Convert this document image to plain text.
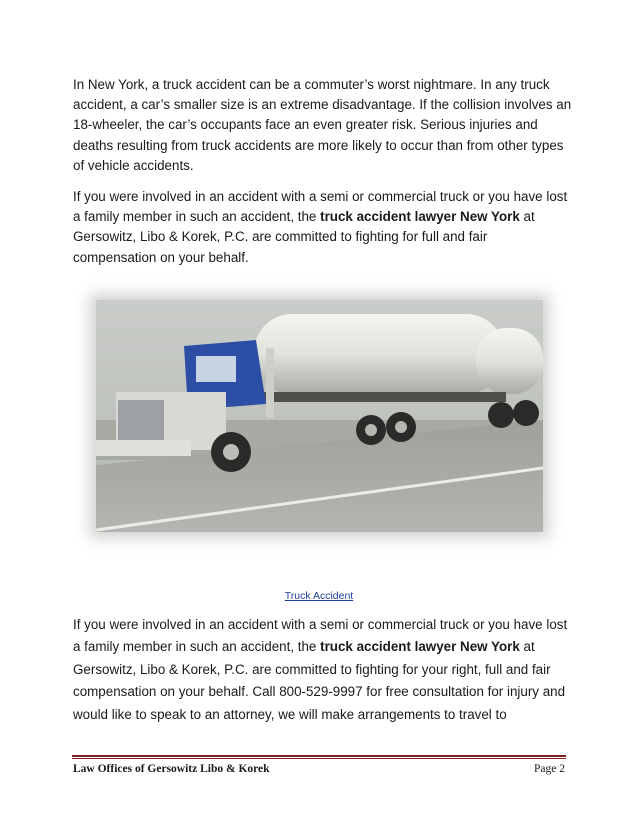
In New York, a truck accident can be a commuter’s worst nightmare. In any truck accident, a car’s smaller size is an extreme disadvantage. If the collision involves an 18-wheeler, the car’s occupants face an even greater risk. Serious injuries and deaths resulting from truck accidents are more likely to occur than from other types of vehicle accidents.
If you were involved in an accident with a semi or commercial truck or you have lost a family member in such an accident, the truck accident lawyer New York at Gersowitz, Libo & Korek, P.C. are committed to fighting for full and fair compensation on your behalf.
Truck Accident
If you were involved in an accident with a semi or commercial truck or you have lost a family member in such an accident, the truck accident lawyer New York at Gersowitz, Libo & Korek, P.C. are committed to fighting for your right, full and fair compensation on your behalf. Call 800-529-9997 for free consultation for injury and would like to speak to an attorney, we will make arrangements to travel to
Law Offices of Gersowitz Libo & Korek	Page 2
